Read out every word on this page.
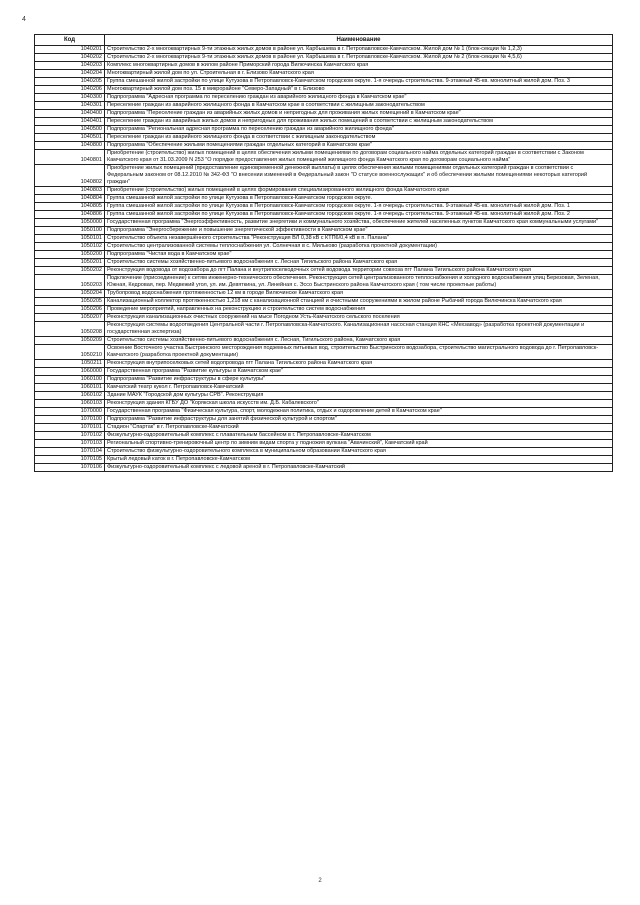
4
Код	Наименование
1040201	Строительство 2-х многоквартирных 9-ти этажных жилых домов в районе ул. Карбышева в г. Петропавловске-Камчатском. Жилой дом № 1 (блок-секции № 1,2,3)
1040202	Строительство 2-х многоквартирных 9-ти этажных жилых домов в районе ул. Карбышева в г. Петропавловске-Камчатском. Жилой дом № 2 (блок-секции № 4,5,6)
1040203	Комплекс многоквартирных домов в жилом районе Приморский города Вилючинска Камчатского края
1040204	Многоквартирный жилой дом по ул. Строительная в г. Елизово Камчатского края
1040205	Группа смешанной жилой застройки по улице Кутузова в Петропавловск-Камчатском городском округе. 1-я очередь строительства. 9-этажный 45-кв. монолитный жилой дом. Поз. 3
1040206	Многоквартирный жилой дом поз. 15 в микрорайоне "Северо-Западный" в г. Елизово
1040300	Подпрограмма "Адресная программа по переселению граждан из аварийного жилищного фонда в Камчатском крае"
1040301	Переселение граждан из аварийного жилищного фонда в Камчатском крае в соответствии с жилищным законодательством
1040400	Подпрограмма "Переселение граждан из аварийных жилых домов и непригодных для проживания жилых помещений в Камчатском крае"
1040401	Переселение граждан из аварийных жилых домов и непригодных для проживания жилых помещений в соответствии с жилищным законодательством
1040500	Подпрограмма "Региональная адресная программа по переселению граждан из аварийного жилищного фонда"
1040501	Переселение граждан из аварийного жилищного фонда в соответствии с жилищным законодательством
1040800	Подпрограмма "Обеспечение жилыми помещениями граждан отдельных категорий в Камчатском крае"
1040801	Приобретение (строительство) жилых помещений в целях обеспечения жилыми помещениями по договорам социального найма отдельных категорий граждан в соответствии с Законом Камчатского края от 31.03.2009 N 253 "О порядке предоставления жилых помещений жилищного фонда Камчатского края по договорам социального найма"
1040802	Приобретение жилых помещений (предоставление единовременной денежной выплаты) в целях обеспечения жилыми помещениями отдельных категорий граждан в соответствии с Федеральным законом от 08.12.2010 № 342-ФЗ "О внесении изменений в Федеральный закон "О статусе военнослужащих" и об обеспечении жилыми помещениями некоторых категорий граждан"
1040803	Приобретение (строительство) жилых помещений в целях формирования специализированного жилищного фонда Камчатского края
1040804	Группа смешанной жилой застройки по улице Кутузова в Петропавловск-Камчатском городском округе.
1040805	Группа смешанной жилой застройки по улице Кутузова в Петропавловск-Камчатском городском округе. 1-я очередь строительства. 9-этажный 45-кв. монолитный жилой дом. Поз. 1
1040806	Группа смешанной жилой застройки по улице Кутузова в Петропавловск-Камчатском городском округе. 1-я очередь строительства. 9-этажный 45-кв. монолитный жилой дом. Поз. 2
1050000	Государственная программа "Энергоэффективность, развитие энергетики и коммунального хозяйства, обеспечение жителей населенных пунктов Камчатского края коммунальными услугами"
1050100	Подпрограмма "Энергосбережение и повышение энергетической эффективности в Камчатском крае"
1050101	Строительство объекта незавершённого строительства "Реконструкция ВЛ 0,38 кВ с КТП6/0,4 кВ в п. Палана"
1050102	Строительство централизованной системы теплоснабжения ул. Солнечная в с. Мильково (разработка проектной документации)
1050200	Подпрограмма "Чистая вода в Камчатском крае"
1050201	Строительство системы хозяйственно-питьевого водоснабжения с. Лесная Тигильского района Камчатского края
1050202	Реконструкция водовода от водозабора до пгт Палана и внутрипоселкодочных сетей водовода территории совхоза пгт Палана Тигильского района Камчатского края
1050203	Подключение (присоединение) к сетям инженерно-технического обеспечения. Реконструкция сетей централизованного теплоснабжения и холодного водоснабжения улиц Березовая, Зеленая, Южная, Кедровая, пер. Медвежий угол, ул. им. Девяткина, ул. Линейная с. Эссо Быстринского района Камчатского края ( том числе проектные работы)
1050204	Трубопровод водоснабжения протяженностью 12 км в городе Вилючинске Камчатского края
1050205	Канализационный коллектор протяженностью 1,218 км с канализационной станцией и очистными сооружениями в жилом районе Рыбачий города Вилючинска Камчатского края
1050206	Проведение мероприятий, направленных на реконструкцию и строительство систем водоснабжения
1050207	Реконструкция канализационных очистных сооружений на мысе Погодном Усть-Камчатского сельского поселения
1050208	Реконструкция системы водоотведения Центральной части г. Петропавловска-Камчатского. Канализационная насосная станция КНС «Мехзавод» (разработка проектной документации и государственная экспертиза)
1050209	Строительство системы хозяйственно-питьевого водоснабжения с. Лесная, Тигильского района, Камчатского края
1050210	Освоение Восточного участка Быстринского месторождения подземных питьевых вод, строительство Быстринского водозабора, строительство магистрального водовода до г. Петропавловск-Камчатского (разработка проектной документации)
1050211	Реконструкция внутрипоселковых сетей водопровода пгт Палана Тигильского района Камчатского края
1060000	Государственная программа "Развитие культуры в Камчатском крае"
1060100	Подпрограмма "Развитие инфраструктуры в сфере культуры"
1060101	Камчатский театр кукол г. Петропавловск-Камчатский
1060102	Здание МАУК "Городской дом культуры СРВ". Реконструкция
1060103	Реконструкция здания КГБУ ДО "Корякская школа искусств им. Д.Б. Кабалевского"
1070000	Государственная программа "Физическая культура, спорт, молодежная политика, отдых и оздоровление детей в Камчатском крае"
1070100	Подпрограмма "Развитие инфраструктуры для занятий физической культурой и спортом"
1070101	Стадион "Спартак" в г. Петропавловске-Камчатский
1070102	Физкультурно-оздоровительный комплекс с плавательным бассейном в г. Петропавловске-Камчатском
1070103	Региональный спортивно-тренировочный центр по зимним видам спорта у подножия вулкана "Авачинский", Камчатский край
1070104	Строительство физкультурно-оздоровительного комплекса в муниципальном образовании Камчатского края
1070105	Крытый ледовый каток в г. Петропавловске-Камчатском
1070106	Физкультурно-оздоровительный комплекс с ледовой ареной в г. Петропавловске-Камчатский
2
